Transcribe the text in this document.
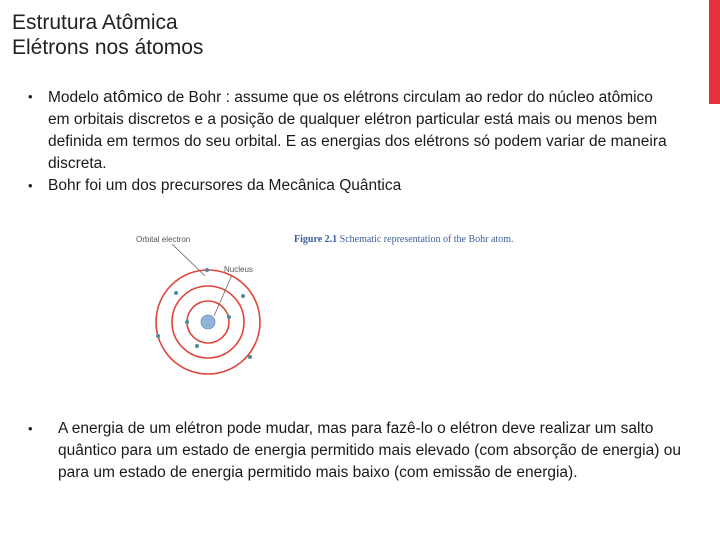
Estrutura Atômica
Elétrons nos átomos
• Modelo atômico de Bohr : assume que os elétrons circulam ao redor do núcleo atômico em orbitais discretos e a posição de qualquer elétron particular está mais ou menos bem definida em termos do seu orbital. E as energias dos elétrons só podem variar de maneira discreta.
• Bohr foi um dos precursores da Mecânica Quântica
Orbital electron
Nucleus
Figure 2.1 Schematic representation of the Bohr atom.
• A energia de um elétron pode mudar, mas para fazê-lo o elétron deve realizar um salto quântico para um estado de energia permitido mais elevado (com absorção de energia) ou para um estado de energia permitido mais baixo (com emissão de energia).
